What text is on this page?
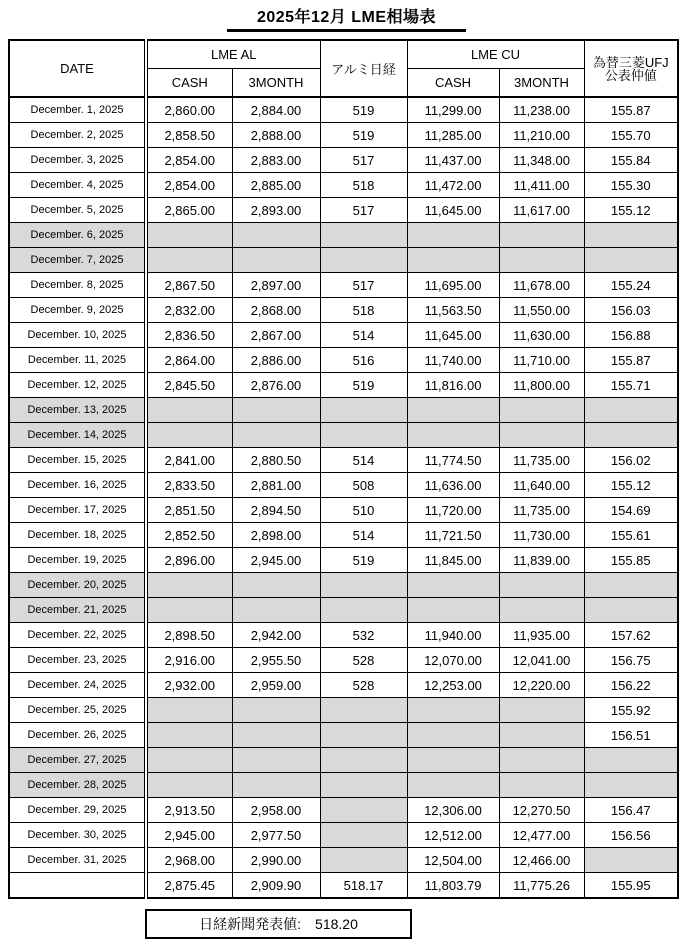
2025年12月 LME相場表
DATE	LME AL		アルミ日経	LME CU		為替三菱UFJ
公表仲値
	CASH	3MONTH		CASH	3MONTH	
December. 1, 2025	2,860.00	2,884.00	519	11,299.00	11,238.00	155.87
December. 2, 2025	2,858.50	2,888.00	519	11,285.00	11,210.00	155.70
December. 3, 2025	2,854.00	2,883.00	517	11,437.00	11,348.00	155.84
December. 4, 2025	2,854.00	2,885.00	518	11,472.00	11,411.00	155.30
December. 5, 2025	2,865.00	2,893.00	517	11,645.00	11,617.00	155.12
December. 6, 2025						
December. 7, 2025						
December. 8, 2025	2,867.50	2,897.00	517	11,695.00	11,678.00	155.24
December. 9, 2025	2,832.00	2,868.00	518	11,563.50	11,550.00	156.03
December. 10, 2025	2,836.50	2,867.00	514	11,645.00	11,630.00	156.88
December. 11, 2025	2,864.00	2,886.00	516	11,740.00	11,710.00	155.87
December. 12, 2025	2,845.50	2,876.00	519	11,816.00	11,800.00	155.71
December. 13, 2025						
December. 14, 2025						
December. 15, 2025	2,841.00	2,880.50	514	11,774.50	11,735.00	156.02
December. 16, 2025	2,833.50	2,881.00	508	11,636.00	11,640.00	155.12
December. 17, 2025	2,851.50	2,894.50	510	11,720.00	11,735.00	154.69
December. 18, 2025	2,852.50	2,898.00	514	11,721.50	11,730.00	155.61
December. 19, 2025	2,896.00	2,945.00	519	11,845.00	11,839.00	155.85
December. 20, 2025						
December. 21, 2025						
December. 22, 2025	2,898.50	2,942.00	532	11,940.00	11,935.00	157.62
December. 23, 2025	2,916.00	2,955.50	528	12,070.00	12,041.00	156.75
December. 24, 2025	2,932.00	2,959.00	528	12,253.00	12,220.00	156.22
December. 25, 2025						155.92
December. 26, 2025						156.51
December. 27, 2025						
December. 28, 2025						
December. 29, 2025	2,913.50	2,958.00		12,306.00	12,270.50	156.47
December. 30, 2025	2,945.00	2,977.50		12,512.00	12,477.00	156.56
December. 31, 2025	2,968.00	2,990.00		12,504.00	12,466.00	
	2,875.45	2,909.90	518.17	11,803.79	11,775.26	155.95
日経新聞発表値: 518.20
